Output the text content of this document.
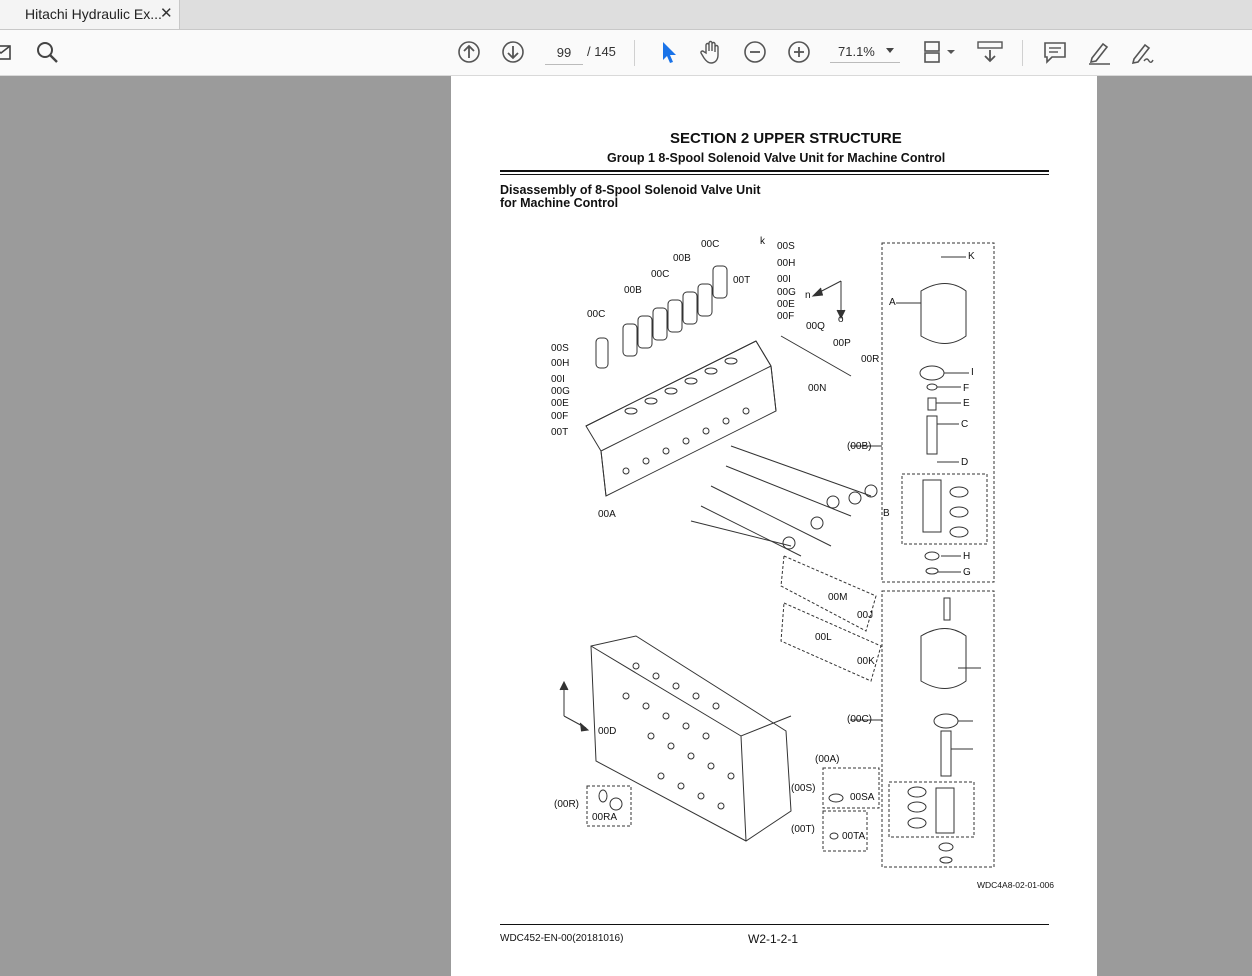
Hitachi Hydraulic Ex...
✕
99
/ 145	71.1%
SECTION 2 UPPER STRUCTURE
Group 1 8-Spool Solenoid Valve Unit for Machine Control
Disassembly of 8-Spool Solenoid Valve Unit
for Machine Control
00C
00B
00C
00B
00C
k 00S
00H
00I
00G
00E
00F
00T
00S
00H
00I
00G
00E
00F
00T
00A
00Q
00P
00R
00N
n
o
(00B)
(00C)
(00A)
(00R)
00RA
(00S)
00SA
(00T)
00TA
00D
00M
00J
00L
00K
K
A
I
F
E
C
D
B
H
G
WDC4A8-02-01-006
WDC452-EN-00(20181016)	W2-1-2-1
